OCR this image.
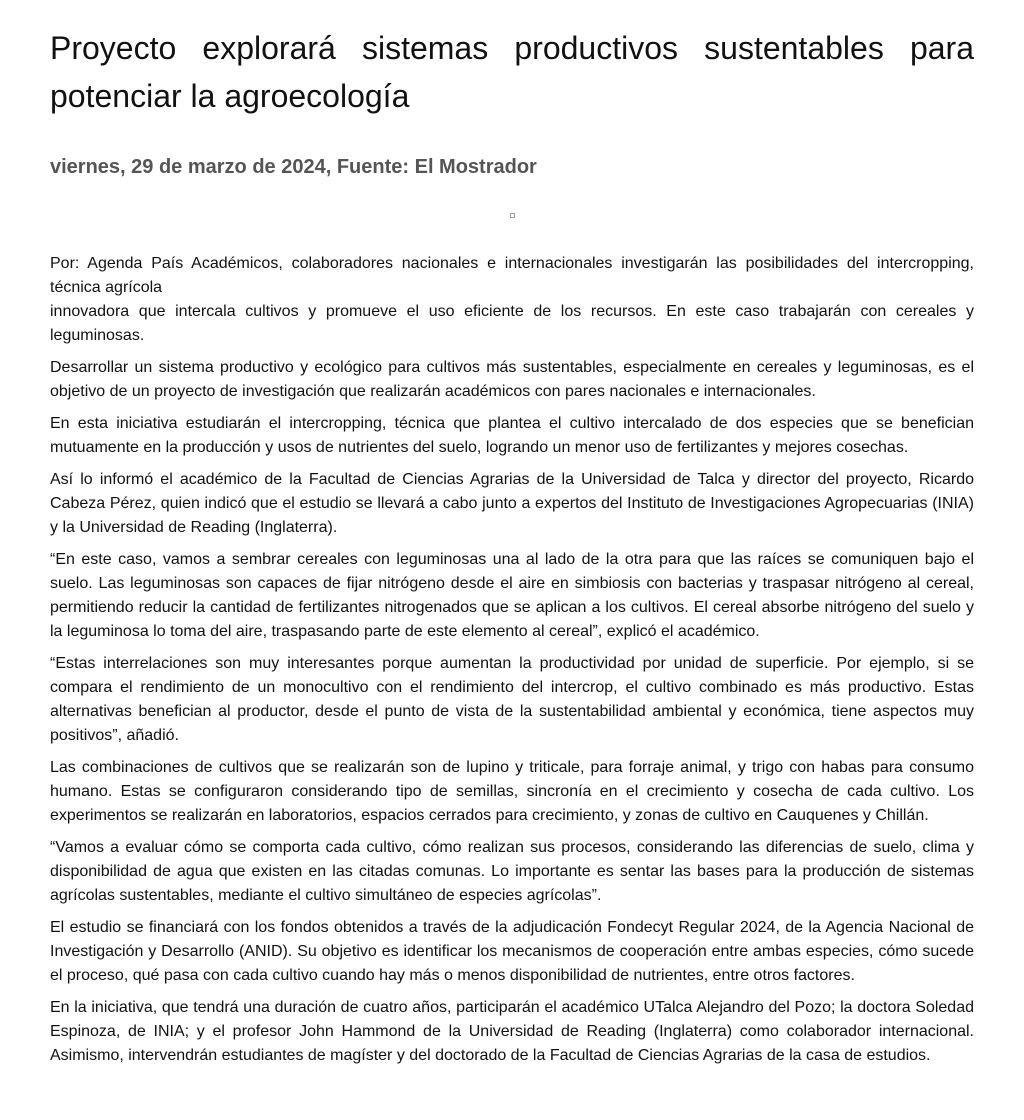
Proyecto explorará sistemas productivos sustentables para potenciar la agroecología
viernes, 29 de marzo de 2024, Fuente: El Mostrador

Por: Agenda País Académicos, colaboradores nacionales e internacionales investigarán las posibilidades del intercropping, técnica agrícola
innovadora que intercala cultivos y promueve el uso eficiente de los recursos. En este caso trabajarán con cereales y leguminosas.

Desarrollar un sistema productivo y ecológico para cultivos más sustentables, especialmente en cereales y leguminosas, es el objetivo de un proyecto de investigación que realizarán académicos con pares nacionales e internacionales.

En esta iniciativa estudiarán el intercropping, técnica que plantea el cultivo intercalado de dos especies que se benefician mutuamente en la producción y usos de nutrientes del suelo, logrando un menor uso de fertilizantes y mejores cosechas.

Así lo informó el académico de la Facultad de Ciencias Agrarias de la Universidad de Talca y director del proyecto, Ricardo Cabeza Pérez, quien indicó que el estudio se llevará a cabo junto a expertos del Instituto de Investigaciones Agropecuarias (INIA) y la Universidad de Reading (Inglaterra).

“En este caso, vamos a sembrar cereales con leguminosas una al lado de la otra para que las raíces se comuniquen bajo el suelo. Las leguminosas son capaces de fijar nitrógeno desde el aire en simbiosis con bacterias y traspasar nitrógeno al cereal, permitiendo reducir la cantidad de fertilizantes nitrogenados que se aplican a los cultivos. El cereal absorbe nitrógeno del suelo y la leguminosa lo toma del aire, traspasando parte de este elemento al cereal”, explicó el académico.

“Estas interrelaciones son muy interesantes porque aumentan la productividad por unidad de superficie. Por ejemplo, si se compara el rendimiento de un monocultivo con el rendimiento del intercrop, el cultivo combinado es más productivo. Estas alternativas benefician al productor, desde el punto de vista de la sustentabilidad ambiental y económica, tiene aspectos muy positivos”, añadió.

Las combinaciones de cultivos que se realizarán son de lupino y triticale, para forraje animal, y trigo con habas para consumo humano. Estas se configuraron considerando tipo de semillas, sincronía en el crecimiento y cosecha de cada cultivo. Los experimentos se realizarán en laboratorios, espacios cerrados para crecimiento, y zonas de cultivo en Cauquenes y Chillán.

“Vamos a evaluar cómo se comporta cada cultivo, cómo realizan sus procesos, considerando las diferencias de suelo, clima y disponibilidad de agua que existen en las citadas comunas. Lo importante es sentar las bases para la producción de sistemas agrícolas sustentables, mediante el cultivo simultáneo de especies agrícolas”.

El estudio se financiará con los fondos obtenidos a través de la adjudicación Fondecyt Regular 2024, de la Agencia Nacional de Investigación y Desarrollo (ANID). Su objetivo es identificar los mecanismos de cooperación entre ambas especies, cómo sucede el proceso, qué pasa con cada cultivo cuando hay más o menos disponibilidad de nutrientes, entre otros factores.

En la iniciativa, que tendrá una duración de cuatro años, participarán el académico UTalca Alejandro del Pozo; la doctora Soledad Espinoza, de INIA; y el profesor John Hammond de la Universidad de Reading (Inglaterra) como colaborador internacional. Asimismo, intervendrán estudiantes de magíster y del doctorado de la Facultad de Ciencias Agrarias de la casa de estudios.
